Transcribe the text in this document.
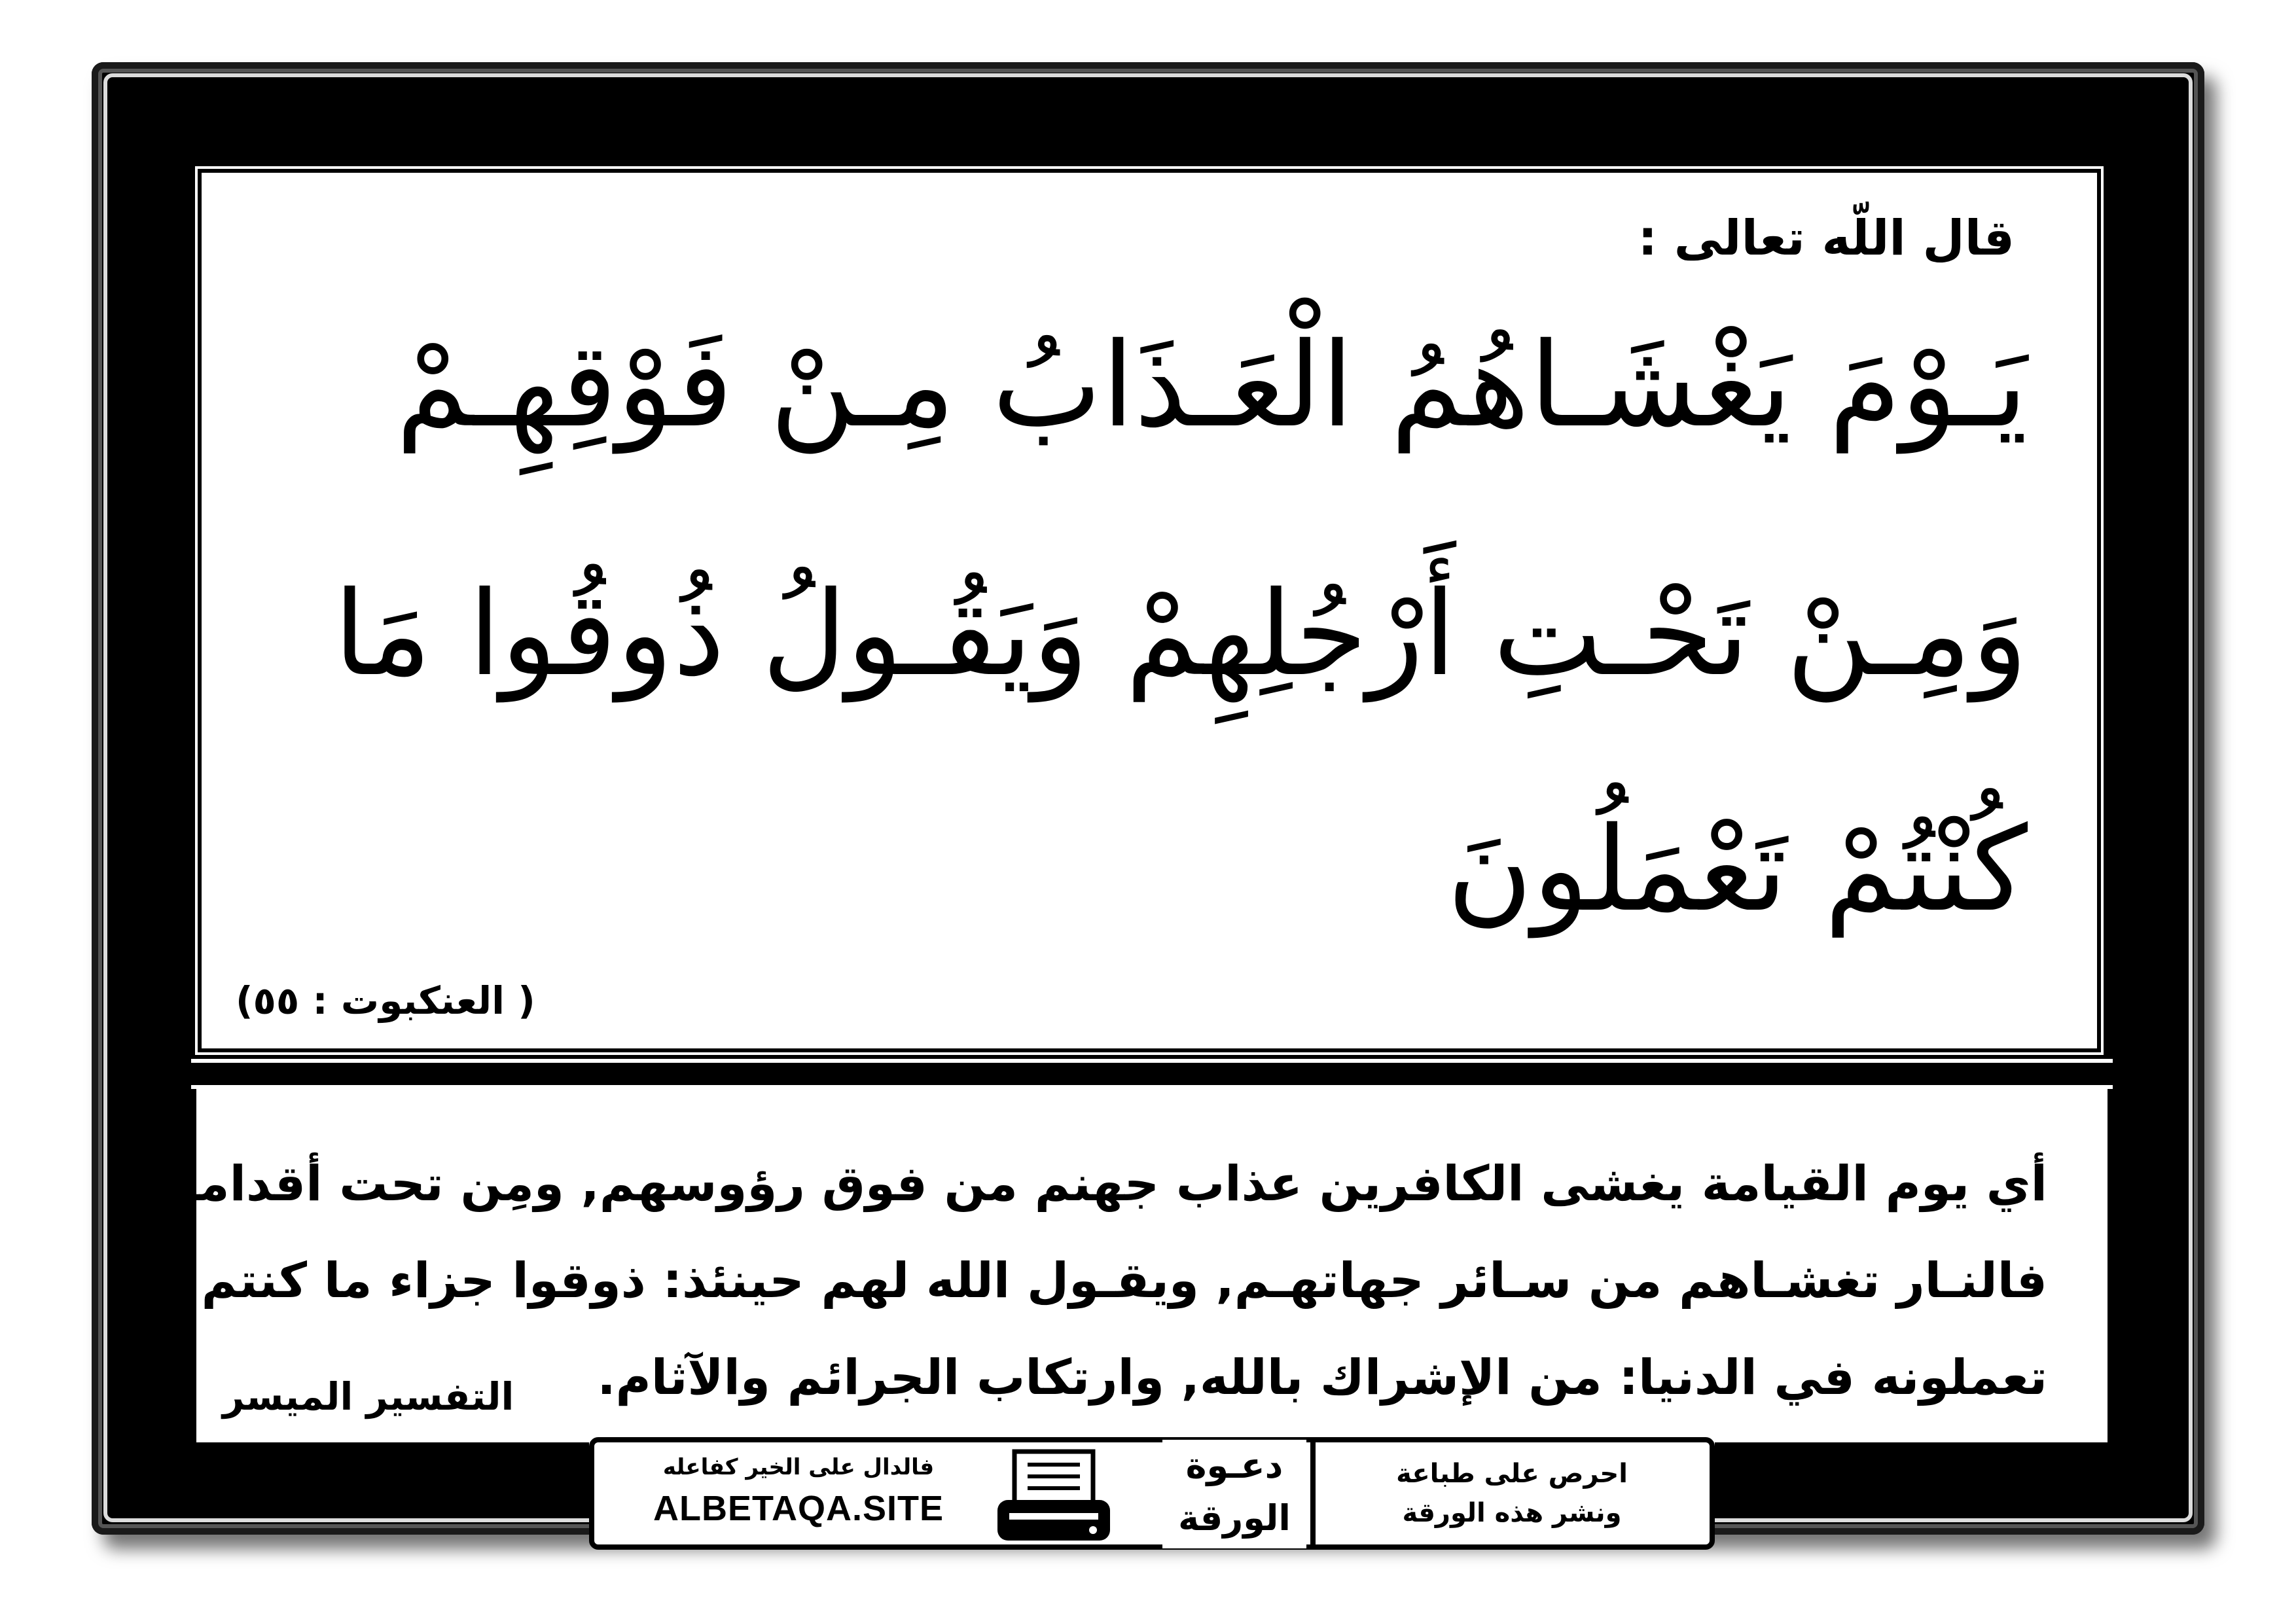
قال اللّه تعالى :
يَـوْمَ يَغْشَـاهُمُ الْعَـذَابُ مِـنْ فَوْقِهِـمْ
وَمِـنْ تَحْـتِ أَرْجُلِهِمْ وَيَقُـولُ ذُوقُوا مَا
كُنْتُمْ تَعْمَلُونَ
( العنكبوت : ٥٥)
أي يوم القيامة يغشى الكافرين عذاب جهنم من فوق رؤوسهم, ومِن تحت أقدامهم,
فالنـار تغشـاهم من سـائر جهاتهـم, ويقـول الله لهم حينئذ: ذوقوا جزاء ما كنتم
تعملونه في الدنيا: من الإشراك بالله, وارتكاب الجرائم والآثام.
التفسير الميسر
فالدال على الخير كفاعله
ALBETAQA.SITE
دعـوة
الورقة
احرص على طباعة
ونشر هذه الورقة
